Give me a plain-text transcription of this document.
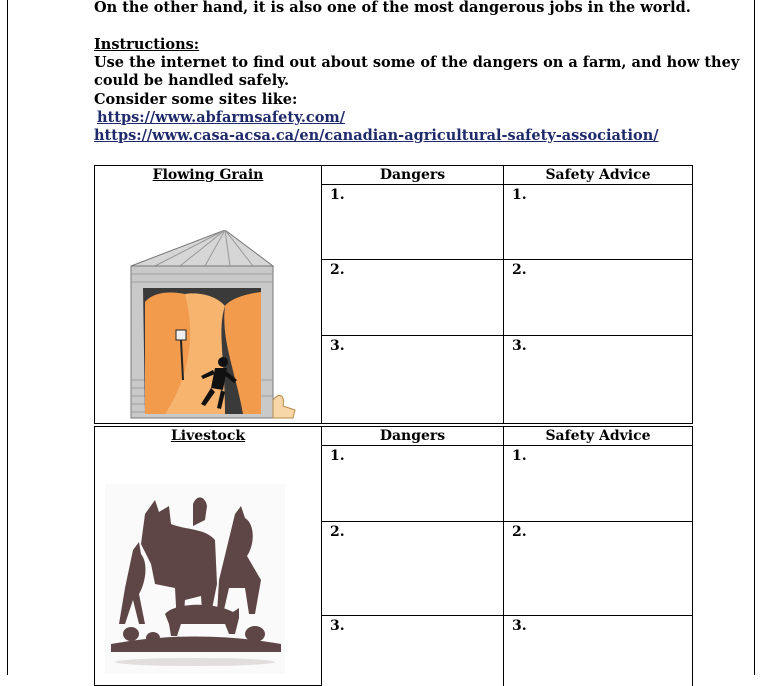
On the other hand, it is also one of the most dangerous jobs in the world.
Instructions:
Use the internet to find out about some of the dangers on a farm, and how they
could be handled safely.
Consider some sites like:
https://www.abfarmsafety.com/
https://www.casa-acsa.ca/en/canadian-agricultural-safety-association/
Flowing Grain	Dangers	Safety Advice

	1.	1.
	2.	2.
	3.	3.
Livestock	Dangers	Safety Advice

	1.	1.
	2.	2.
	3.	3.
